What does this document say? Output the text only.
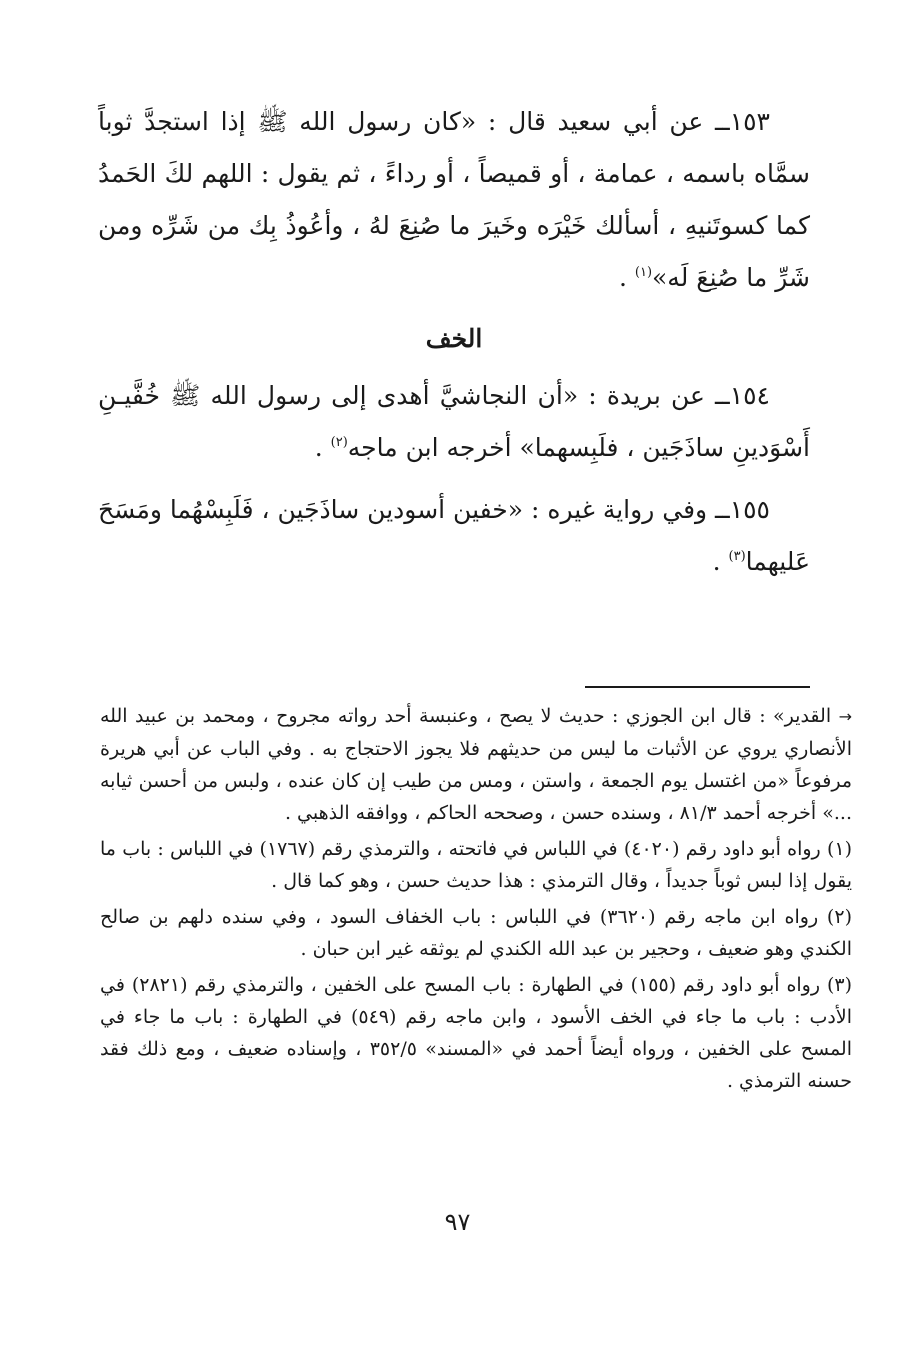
١٥٣ــ عن أبي سعيد قال : «كان رسول الله ﷺ إذا استجدَّ ثوباً سمَّاه باسمه ، عمامة ، أو قميصاً ، أو رداءً ، ثم يقول : اللهم لكَ الحَمدُ كما كسوتَنيهِ ، أسألك خَيْرَه وخَيرَ ما صُنِعَ لهُ ، وأعُوذُ بِك من شَرِّه ومن شَرِّ ما صُنِعَ لَه»$^{(١)}$ .

الخف

١٥٤ــ عن بريدة : «أن النجاشيَّ أهدى إلى رسول الله ﷺ خُفَّيـنِ أَسْوَدينِ ساذَجَين ، فلَبِسهما» أخرجه ابن ماجه$^{(٢)}$ .

١٥٥ــ وفي رواية غيره : «خفين أسودين ساذَجَين ، فَلَبِسْهُما ومَسَحَ عَليهما$^{(٣)}$ .

→ القدير» : قال ابن الجوزي : حديث لا يصح ، وعنبسة أحد رواته مجروح ، ومحمد بن عبيد الله الأنصاري يروي عن الأثبات ما ليس من حديثهم فلا يجوز الاحتجاج به . وفي الباب عن أبي هريرة مرفوعاً «من اغتسل يوم الجمعة ، واستن ، ومس من طيب إن كان عنده ، ولبس من أحسن ثيابه ...» أخرجه أحمد ٨١/٣ ، وسنده حسن ، وصححه الحاكم ، ووافقه الذهبي .

(١) رواه أبو داود رقم (٤٠٢٠) في اللباس في فاتحته ، والترمذي رقم (١٧٦٧) في اللباس : باب ما يقول إذا لبس ثوباً جديداً ، وقال الترمذي : هذا حديث حسن ، وهو كما قال .

(٢) رواه ابن ماجه رقم (٣٦٢٠) في اللباس : باب الخفاف السود ، وفي سنده دلهم بن صالح الكندي وهو ضعيف ، وحجير بن عبد الله الكندي لم يوثقه غير ابن حبان .

(٣) رواه أبو داود رقم (١٥٥) في الطهارة : باب المسح على الخفين ، والترمذي رقم (٢٨٢١) في الأدب : باب ما جاء في الخف الأسود ، وابن ماجه رقم (٥٤٩) في الطهارة : باب ما جاء في المسح على الخفين ، ورواه أيضاً أحمد في «المسند» ٣٥٢/٥ ، وإسناده ضعيف ، ومع ذلك فقد حسنه الترمذي .

٩٧
